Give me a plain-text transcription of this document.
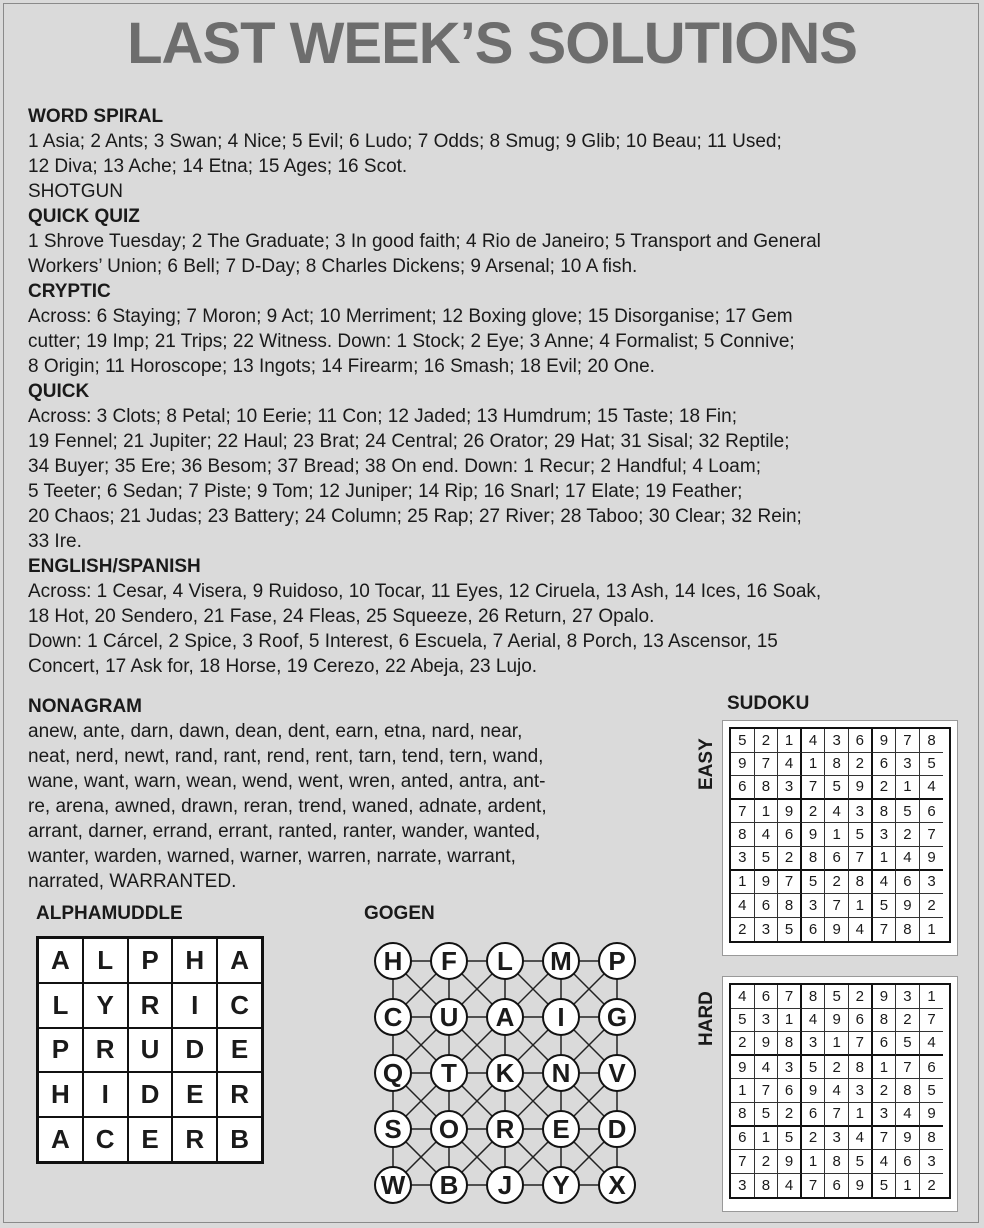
LAST WEEK’S SOLUTIONS

WORD SPIRAL

1 Asia; 2 Ants; 3 Swan; 4 Nice; 5 Evil; 6 Ludo; 7 Odds; 8 Smug; 9 Glib; 10 Beau; 11 Used;

12 Diva; 13 Ache; 14 Etna; 15 Ages; 16 Scot.

SHOTGUN

QUICK QUIZ

1 Shrove Tuesday; 2 The Graduate; 3 In good faith; 4 Rio de Janeiro; 5 Transport and General

Workers’ Union; 6 Bell; 7 D-Day; 8 Charles Dickens; 9 Arsenal; 10 A fish.

CRYPTIC

Across: 6 Staying; 7 Moron; 9 Act; 10 Merriment; 12 Boxing glove; 15 Disorganise; 17 Gem

cutter; 19 Imp; 21 Trips; 22 Witness. Down: 1 Stock; 2 Eye; 3 Anne; 4 Formalist; 5 Connive;

8 Origin; 11 Horoscope; 13 Ingots; 14 Firearm; 16 Smash; 18 Evil; 20 One.

QUICK

Across: 3 Clots; 8 Petal; 10 Eerie; 11 Con; 12 Jaded; 13 Humdrum; 15 Taste; 18 Fin;

19 Fennel; 21 Jupiter; 22 Haul; 23 Brat; 24 Central; 26 Orator; 29 Hat; 31 Sisal; 32 Reptile;

34 Buyer; 35 Ere; 36 Besom; 37 Bread; 38 On end. Down: 1 Recur; 2 Handful; 4 Loam;

5 Teeter; 6 Sedan; 7 Piste; 9 Tom; 12 Juniper; 14 Rip; 16 Snarl; 17 Elate; 19 Feather;

20 Chaos; 21 Judas; 23 Battery; 24 Column; 25 Rap; 27 River; 28 Taboo; 30 Clear; 32 Rein;

33 Ire.

ENGLISH/SPANISH

Across: 1 Cesar, 4 Visera, 9 Ruidoso, 10 Tocar, 11 Eyes, 12 Ciruela, 13 Ash, 14 Ices, 16 Soak,

18 Hot, 20 Sendero, 21 Fase, 24 Fleas, 25 Squeeze, 26 Return, 27 Opalo.

Down: 1 Cárcel, 2 Spice, 3 Roof, 5 Interest, 6 Escuela, 7 Aerial, 8 Porch, 13 Ascensor, 15

Concert, 17 Ask for, 18 Horse, 19 Cerezo, 22 Abeja, 23 Lujo.

NONAGRAM

anew, ante, darn, dawn, dean, dent, earn, etna, nard, near,

neat, nerd, newt, rand, rant, rend, rent, tarn, tend, tern, wand,

wane, want, warn, wean, wend, went, wren, anted, antra, ant-

re, arena, awned, drawn, reran, trend, waned, adnate, ardent,

arrant, darner, errand, errant, ranted, ranter, wander, wanted,

wanter, warden, warned, warner, warren, narrate, warrant,

narrated, WARRANTED.

ALPHAMUDDLE
A	L	P	H	A
L	Y	R	I	C
P	R	U	D	E
H	I	D	E	R
A	C	E	R	B
GOGEN
H	F	L	M	P
C	U	A	I	G
Q	T	K	N	V
S	O	R	E	D
W	B	J	Y	X
SUDOKU
EASY	5	2 1	4	3 6	9	7	8
9	7 4	1	8 2	6	3	5
6	8 3	7	5 9	2	1	4
7	1 9	2	4 3	8	5	6
8	4 6	9	1 5	3	2	7
3	5 2	8	6 7	1	4	9
1	9 7	5	2 8	4	6	3
4	6 8	3	7 1	5	9	2
2	3 5	6	9 4	7	8	1
HARD	4	6 7	8	5 2	9	3	1
5	3 1	4	9 6	8	2	7
2	9 8	3	1 7	6	5	4
9	4 3	5	2 8	1	7	6
1	7 6	9	4 3	2	8	5
8	5 2	6	7 1	3	4	9
6	1 5	2	3 4	7	9	8
7	2 9	1	8 5	4	6	3
3	8 4	7	6 9	5	1	2
